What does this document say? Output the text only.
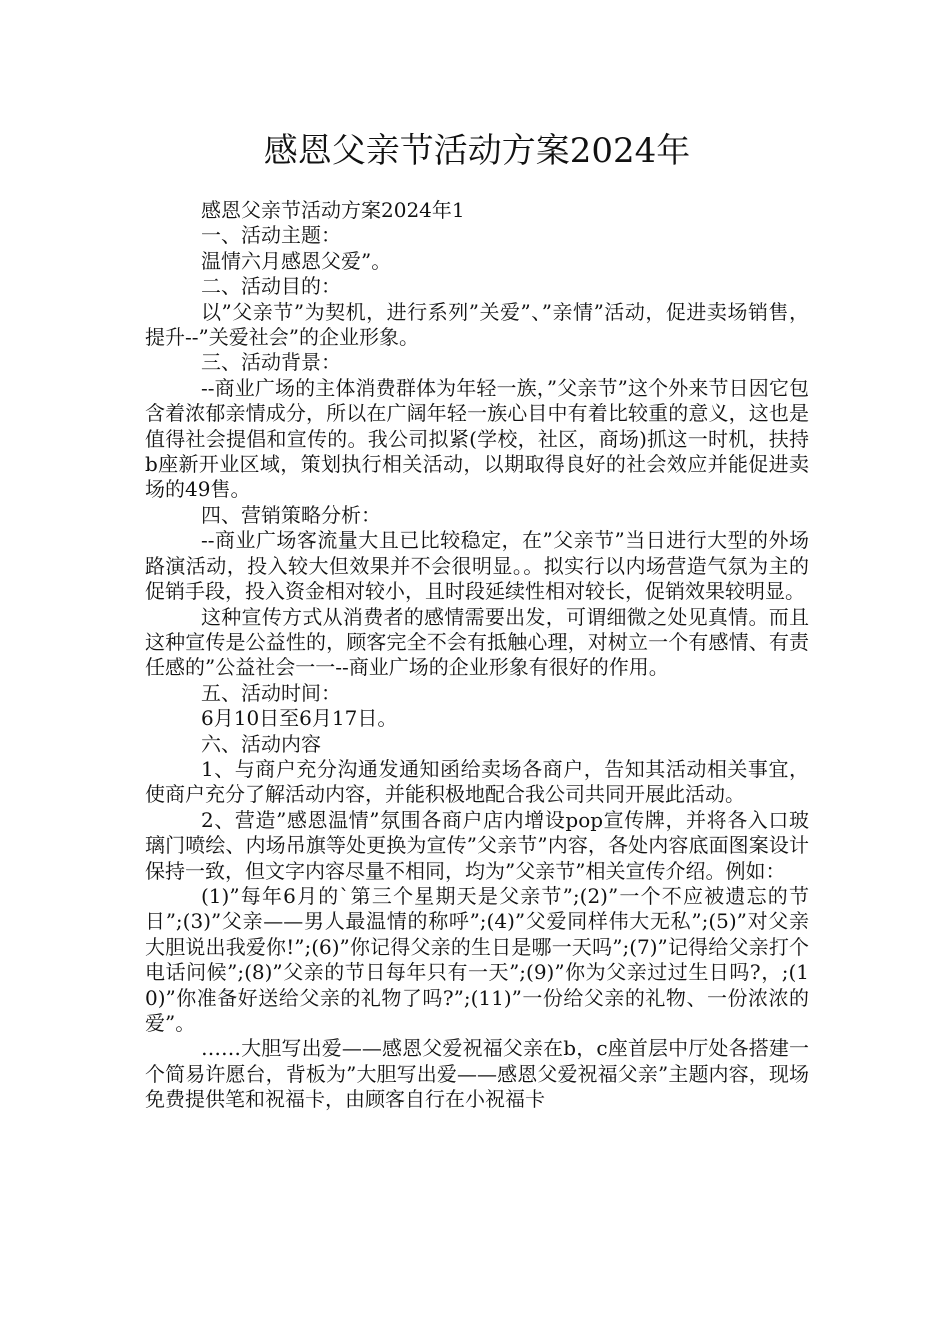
感恩父亲节活动方案2024年

感恩父亲节活动方案2024年1

一、活动主题：

温情六月感恩父爱”。

二、活动目的：

以”父亲节”为契机，进行系列”关爱”、”亲情”活动，促进卖场销售，提升--”关爱社会”的企业形象。

三、活动背景：

--商业广场的主体消费群体为年轻一族，”父亲节”这个外来节日因它包含着浓郁亲情成分，所以在广阔年轻一族心目中有着比较重的意义，这也是值得社会提倡和宣传的。我公司拟紧(学校，社区，商场)抓这一时机，扶持b座新开业区域，策划执行相关活动，以期取得良好的社会效应并能促进卖场的49售。

四、营销策略分析：

--商业广场客流量大且已比较稳定，在”父亲节”当日进行大型的外场路演活动，投入较大但效果并不会很明显。。拟实行以内场营造气氛为主的促销手段，投入资金相对较小，且时段延续性相对较长，促销效果较明显。

这种宣传方式从消费者的感情需要出发，可谓细微之处见真情。而且这种宣传是公益性的，顾客完全不会有抵触心理，对树立一个有感情、有责任感的”公益社会一一--商业广场的企业形象有很好的作用。

五、活动时间：

6月10日至6月17日。

六、活动内容

1、与商户充分沟通发通知函给卖场各商户，告知其活动相关事宜，使商户充分了解活动内容，并能积极地配合我公司共同开展此活动。

2、营造”感恩温情”氛围各商户店内增设pop宣传牌，并将各入口玻璃门喷绘、内场吊旗等处更换为宣传”父亲节”内容，各处内容底面图案设计保持一致，但文字内容尽量不相同，均为”父亲节”相关宣传介绍。例如：

(1)”每年6月的`第三个星期天是父亲节”;(2)”一个不应被遗忘的节日”;(3)”父亲——男人最温情的称呼”;(4)”父爱同样伟大无私”;(5)”对父亲大胆说出我爱你!”;(6)”你记得父亲的生日是哪一天吗”;(7)”记得给父亲打个电话问候”;(8)”父亲的节日每年只有一天”;(9)”你为父亲过过生日吗?，;(10)”你准备好送给父亲的礼物了吗?”;(11)”一份给父亲的礼物、一份浓浓的爱”。

……大胆写出爱——感恩父爱祝福父亲在b，c座首层中厅处各搭建一个简易许愿台，背板为”大胆写出爱——感恩父爱祝福父亲”主题内容，现场免费提供笔和祝福卡，由顾客自行在小祝福卡
